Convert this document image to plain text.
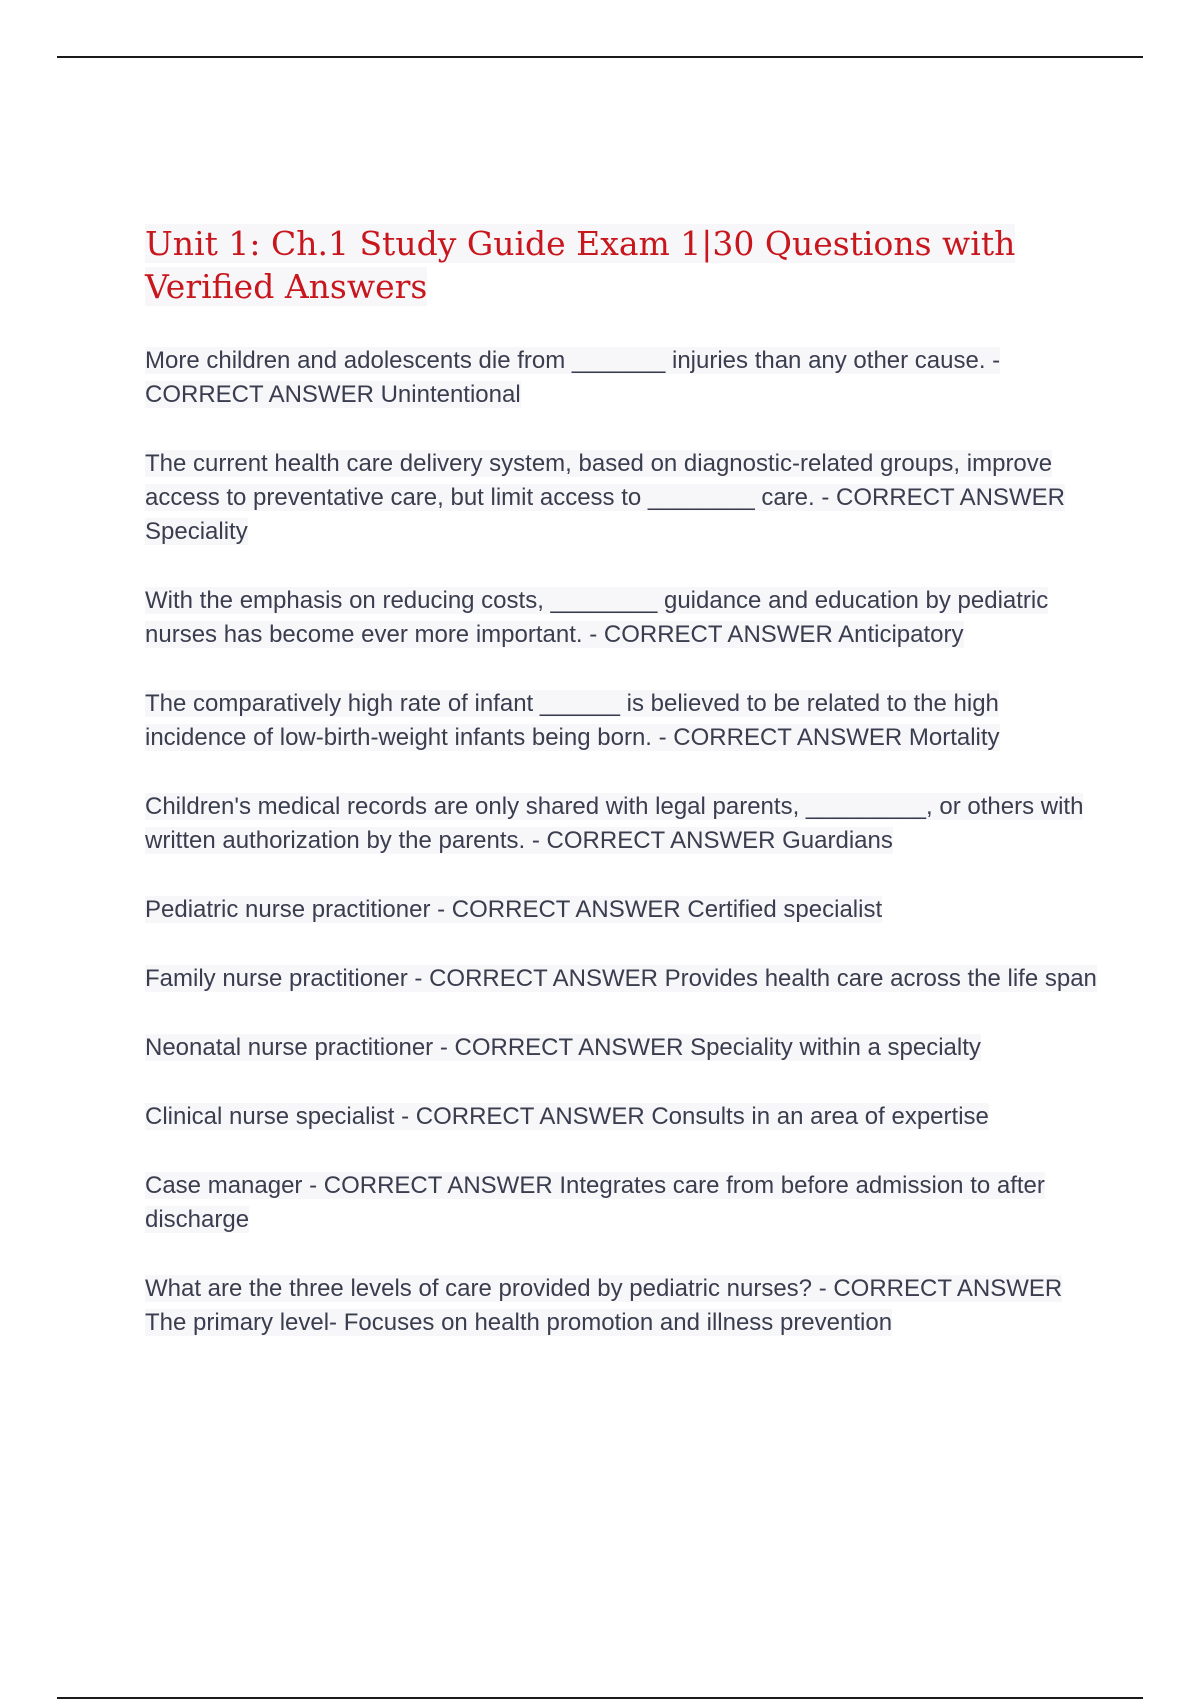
Unit 1: Ch.1 Study Guide Exam 1|30 Questions with Verified Answers

More children and adolescents die from _______ injuries than any other cause. - CORRECT ANSWER Unintentional

The current health care delivery system, based on diagnostic-related groups, improve access to preventative care, but limit access to ________ care. - CORRECT ANSWER Speciality

With the emphasis on reducing costs, ________ guidance and education by pediatric nurses has become ever more important. - CORRECT ANSWER Anticipatory

The comparatively high rate of infant ______ is believed to be related to the high incidence of low-birth-weight infants being born. - CORRECT ANSWER Mortality

Children's medical records are only shared with legal parents, _________, or others with written authorization by the parents. - CORRECT ANSWER Guardians

Pediatric nurse practitioner - CORRECT ANSWER Certified specialist

Family nurse practitioner - CORRECT ANSWER Provides health care across the life span

Neonatal nurse practitioner - CORRECT ANSWER Speciality within a specialty

Clinical nurse specialist - CORRECT ANSWER Consults in an area of expertise

Case manager - CORRECT ANSWER Integrates care from before admission to after discharge

What are the three levels of care provided by pediatric nurses? - CORRECT ANSWER The primary level- Focuses on health promotion and illness prevention
